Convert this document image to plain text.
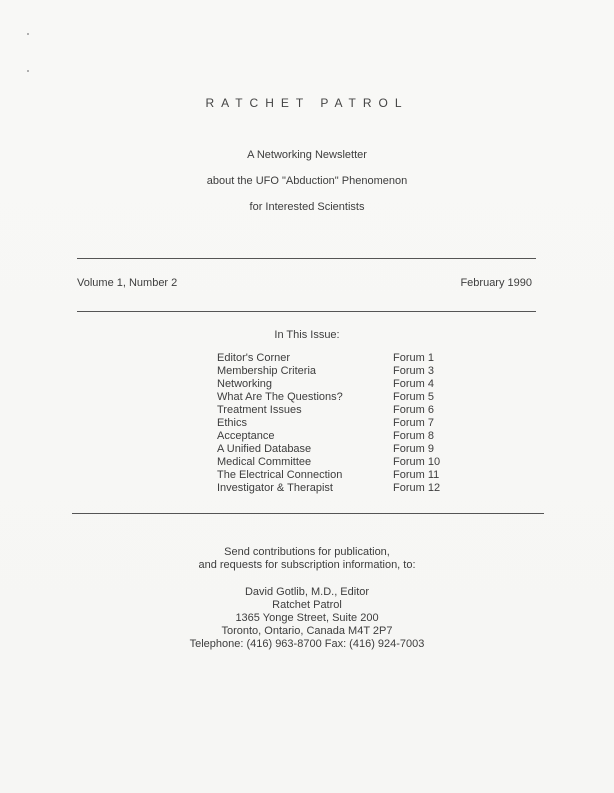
RATCHET PATROL
A Networking Newsletter
about the UFO "Abduction" Phenomenon
for Interested Scientists
Volume 1, Number 2	February 1990
In This Issue:
Editor's Corner	Forum 1
Membership Criteria	Forum 3
Networking	Forum 4
What Are The Questions?	Forum 5
Treatment Issues	Forum 6
Ethics	Forum 7
Acceptance	Forum 8
A Unified Database	Forum 9
Medical Committee	Forum 10
The Electrical Connection	Forum 11
Investigator & Therapist	Forum 12
Send contributions for publication,
and requests for subscription information, to:
David Gotlib, M.D., Editor
Ratchet Patrol
1365 Yonge Street, Suite 200
Toronto, Ontario, Canada M4T 2P7
Telephone: (416) 963-8700 Fax: (416) 924-7003
